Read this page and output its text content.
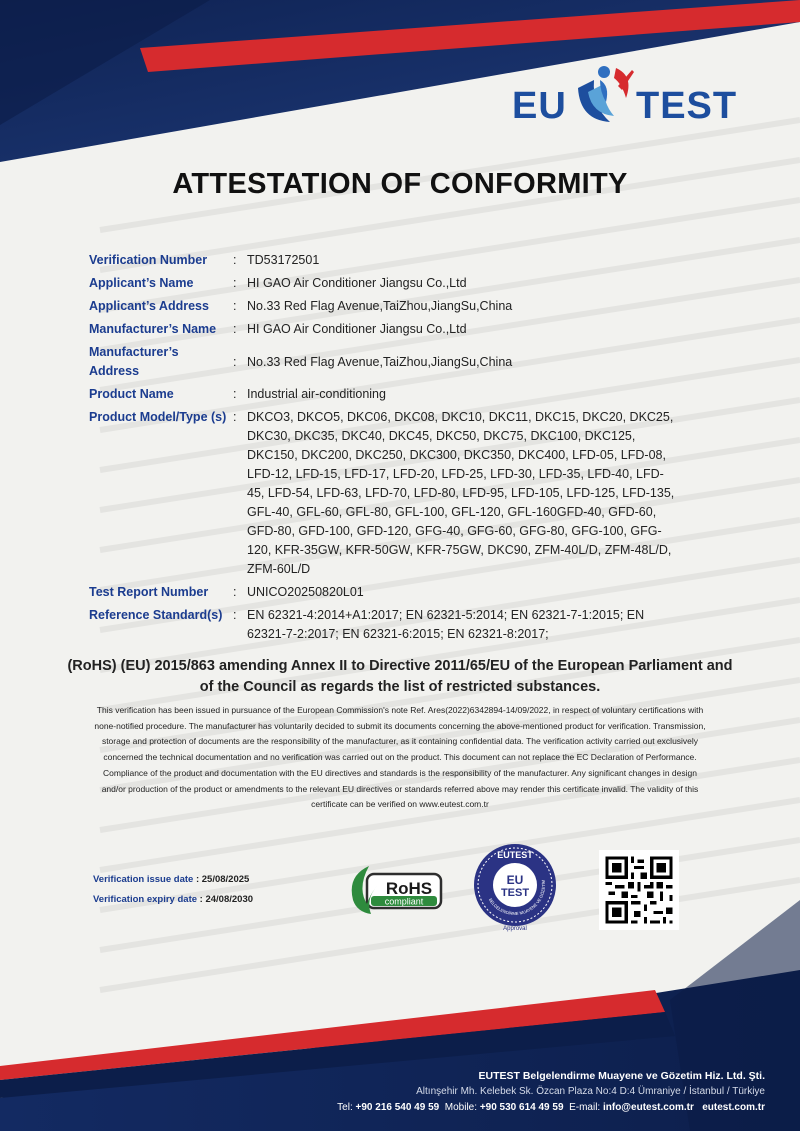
EU TEST
ATTESTATION OF CONFORMITY
Verification Number	: TD53172501
Applicant’s Name	: HI GAO Air Conditioner Jiangsu Co.,Ltd
Applicant’s Address	: No.33 Red Flag Avenue,TaiZhou,JiangSu,China
Manufacturer’s Name	: HI GAO Air Conditioner Jiangsu Co.,Ltd
Manufacturer’s Address
: No.33 Red Flag Avenue,TaiZhou,JiangSu,China
Product Name	: Industrial air-conditioning
Product Model/Type (s) : DKCO3, DKCO5, DKC06, DKC08, DKC10, DKC11, DKC15, DKC20, DKC25, DKC30, DKC35, DKC40, DKC45, DKC50, DKC75, DKC100, DKC125, DKC150, DKC200, DKC250, DKC300, DKC350, DKC400, LFD-05, LFD-08, LFD-12, LFD-15, LFD-17, LFD-20, LFD-25, LFD-30, LFD-35, LFD-40, LFD-45, LFD-54, LFD-63, LFD-70, LFD-80, LFD-95, LFD-105, LFD-125, LFD-135, GFL-40, GFL-60, GFL-80, GFL-100, GFL-120, GFL-160GFD-40, GFD-60, GFD-80, GFD-100, GFD-120, GFG-40, GFG-60, GFG-80, GFG-100, GFG-120, KFR-35GW, KFR-50GW, KFR-75GW, DKC90, ZFM-40L/D, ZFM-48L/D, ZFM-60L/D
Test Report Number	: UNICO20250820L01
Reference Standard(s) : EN 62321-4:2014+A1:2017; EN 62321-5:2014; EN 62321-7-1:2015; EN 62321-7-2:2017; EN 62321-6:2015; EN 62321-8:2017;

(RoHS) (EU) 2015/863 amending Annex II to Directive 2011/65/EU of the European Parliament and of the Council as regards the list of restricted substances.

This verification has been issued in pursuance of the European Commission's note Ref. Ares(2022)6342894-14/09/2022, in respect of voluntary certifications with none-notified procedure. The manufacturer has voluntarily decided to submit its documents concerning the above-mentioned product for verification. Transmission, storage and protection of documents are the responsibility of the manufacturer, as it containing confidential data. The verification activity carried out exclusively concerned the technical documentation and no verification was carried out on the product. This document can not replace the EC Declaration of Performance. Compliance of the product and documentation with the EU directives and standards is the responsibility of the manufacturer. Any significant changes in design and/or production of the product or amendments to the relevant EU directives or standards referred above may render this certificate invalid. The validity of this certificate can be verified on www.eutest.com.tr

Verification issue date : 25/08/2025
Verification expiry date : 24/08/2030
RoHS
compliant
EUTEST
BELGELENDİRME MUAYENE VE GÖZETİM
EU
TEST
Approval
EUTEST Belgelendirme Muayene ve Gözetim Hiz. Ltd. Şti.
Altınşehir Mh. Kelebek Sk. Özcan Plaza No:4 D:4 Ümraniye / İstanbul / Türkiye
Tel: +90 216 540 49 59 Mobile: +90 530 614 49 59 E-mail: info@eutest.com.tr eutest.com.tr
